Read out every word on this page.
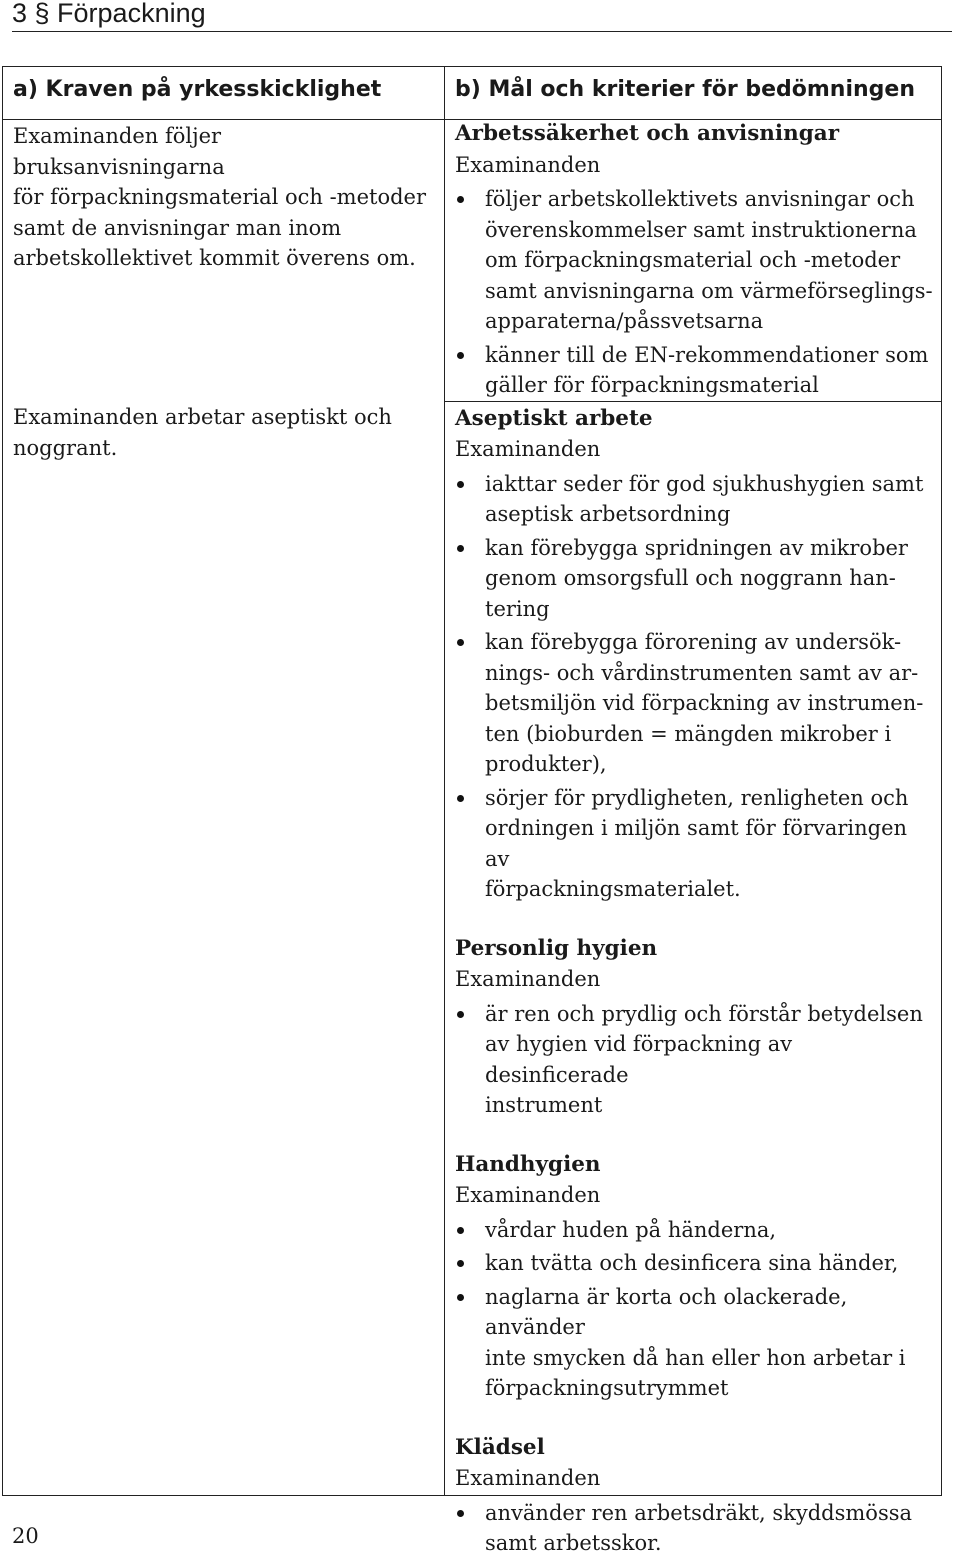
3 § Förpackning
a) Kraven på yrkesskicklighet	b) Mål och kriterier för bedömningen
Examinanden följer bruksanvisningarna
för förpackningsmaterial och -metoder
samt de anvisningar man inom
arbetskollektivet kommit överens om.
Examinanden arbetar aseptiskt och
noggrant.
Arbetssäkerhet och anvisningar
Examinanden
följer arbetskollektivets anvisningar och
överenskommelser samt instruktionerna
om förpackningsmaterial och -metoder
samt anvisningarna om värmeförseglings-
apparaterna/påssvetsarna
känner till de EN-rekommendationer som
gäller för förpackningsmaterial
Aseptiskt arbete
Examinanden
iakttar seder för god sjukhushygien samt
aseptisk arbetsordning
kan förebygga spridningen av mikrober
genom omsorgsfull och noggrann han-
tering
kan förebygga förorening av undersök-
nings- och vårdinstrumenten samt av ar-
betsmiljön vid förpackning av instrumen-
ten (bioburden = mängden mikrober i
produkter),
sörjer för prydligheten, renligheten och
ordningen i miljön samt för förvaringen av
förpackningsmaterialet.
Personlig hygien
Examinanden
är ren och prydlig och förstår betydelsen
av hygien vid förpackning av desinficerade
instrument
Handhygien
Examinanden
vårdar huden på händerna,
kan tvätta och desinficera sina händer,
naglarna är korta och olackerade, använder
inte smycken då han eller hon arbetar i
förpackningsutrymmet
Klädsel
Examinanden
använder ren arbetsdräkt, skyddsmössa
samt arbetsskor.
20
